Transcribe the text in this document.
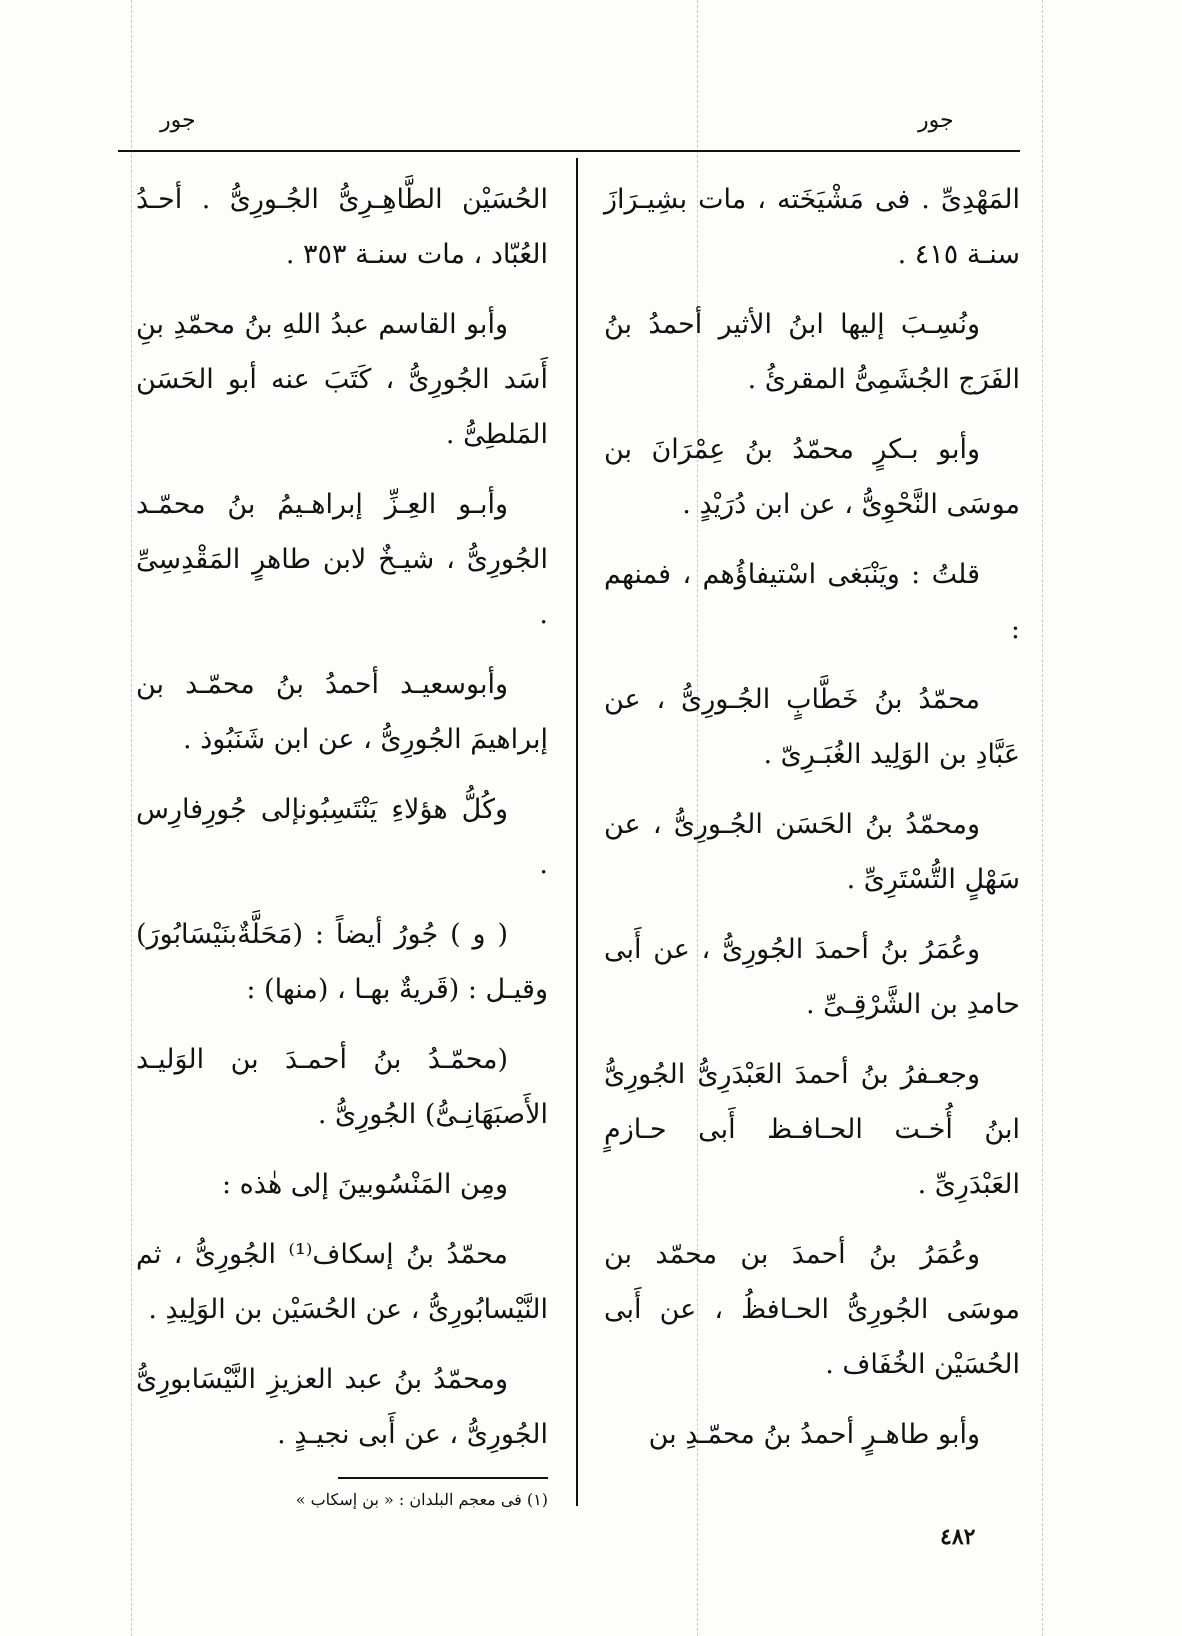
جور
جور

المَهْدِىِّ . فى مَشْيَخَته ، مات بشِيـرَازَ سنـة ٤١٥ .

ونُسِـبَ إليها ابنُ الأثير أحمدُ بنُ الفَرَج الجُشَمِىُّ المقرئُ .

وأبو بـكرٍ محمّدُ بنُ عِمْرَانَ بن موسَى النَّحْوِىُّ ، عن ابن دُرَيْدٍ .

قلتُ : ويَنْبَغى اسْتيفاؤُهم ، فمنهم :

محمّدُ بنُ خَطَّابٍ الجُـورِىُّ ، عن عَبَّادِ بن الوَلِيد الغُبَـرِىّ .

ومحمّدُ بنُ الحَسَن الجُـورِىُّ ، عن سَهْلٍ التُّسْتَرِىِّ .

وعُمَرُ بنُ أحمدَ الجُورِىُّ ، عن أَبى حامدِ بن الشَّرْقِـىِّ .

وجعـفرُ بنُ أحمدَ العَبْدَرِىُّ الجُورِىُّ ابنُ أُخـت الحـافـظ أَبى حـازمٍ العَبْدَرِىِّ .

وعُمَرُ بنُ أحمدَ بن محمّد بن موسَى الجُورِىُّ الحـافظُ ، عن أَبى الحُسَيْن الخُفَاف .

وأبو طاهـرٍ أحمدُ بنُ محمّـدِ بن

الحُسَيْن الطَّاهِـرِىُّ الجُـورِىُّ . أحـدُ العُبّاد ، مات سنـة ٣٥٣ .

وأبو القاسم عبدُ اللهِ بنُ محمّدِ بنِ أَسَد الجُورِىُّ ، كَتَبَ عنه أبو الحَسَن المَلطِىُّ .

وأبـو العِـزِّ إبراهـيمُ بنُ محمّـد الجُورِىُّ ، شيـخٌ لابن طاهرٍ المَقْدِسِىِّ .

وأبوسعيـد أحمدُ بنُ محمّـد بن إبراهيمَ الجُورِىُّ ، عن ابن شَنَبُوذ .

وكُلُّ هؤلاءِ يَنْتَسِبُونإلى جُورِفارِس .

( و ) جُورُ أيضاً : (مَحَلَّةٌبنَيْسَابُورَ) وقيـل : (قَريةٌ بهـا ، (منها) :

(محمّـدُ بنُ أحمـدَ بن الوَليـد الأَصبَهَانِـىُّ) الجُورِىُّ .

ومِن المَنْسُوبينَ إلى هٰذه :

محمّدُ بنُ إسكاف⁽¹⁾ الجُورِىُّ ، ثم النَّيْسابُورِىُّ ، عن الحُسَيْن بن الوَلِيدِ .

ومحمّدُ بنُ عبد العزيزِ النَّيْسَابورِىُّ الجُورِىُّ ، عن أَبى نجيـدٍ .

(١) فى معجم البلدان : « بن إسكاب »

٤٨٢
